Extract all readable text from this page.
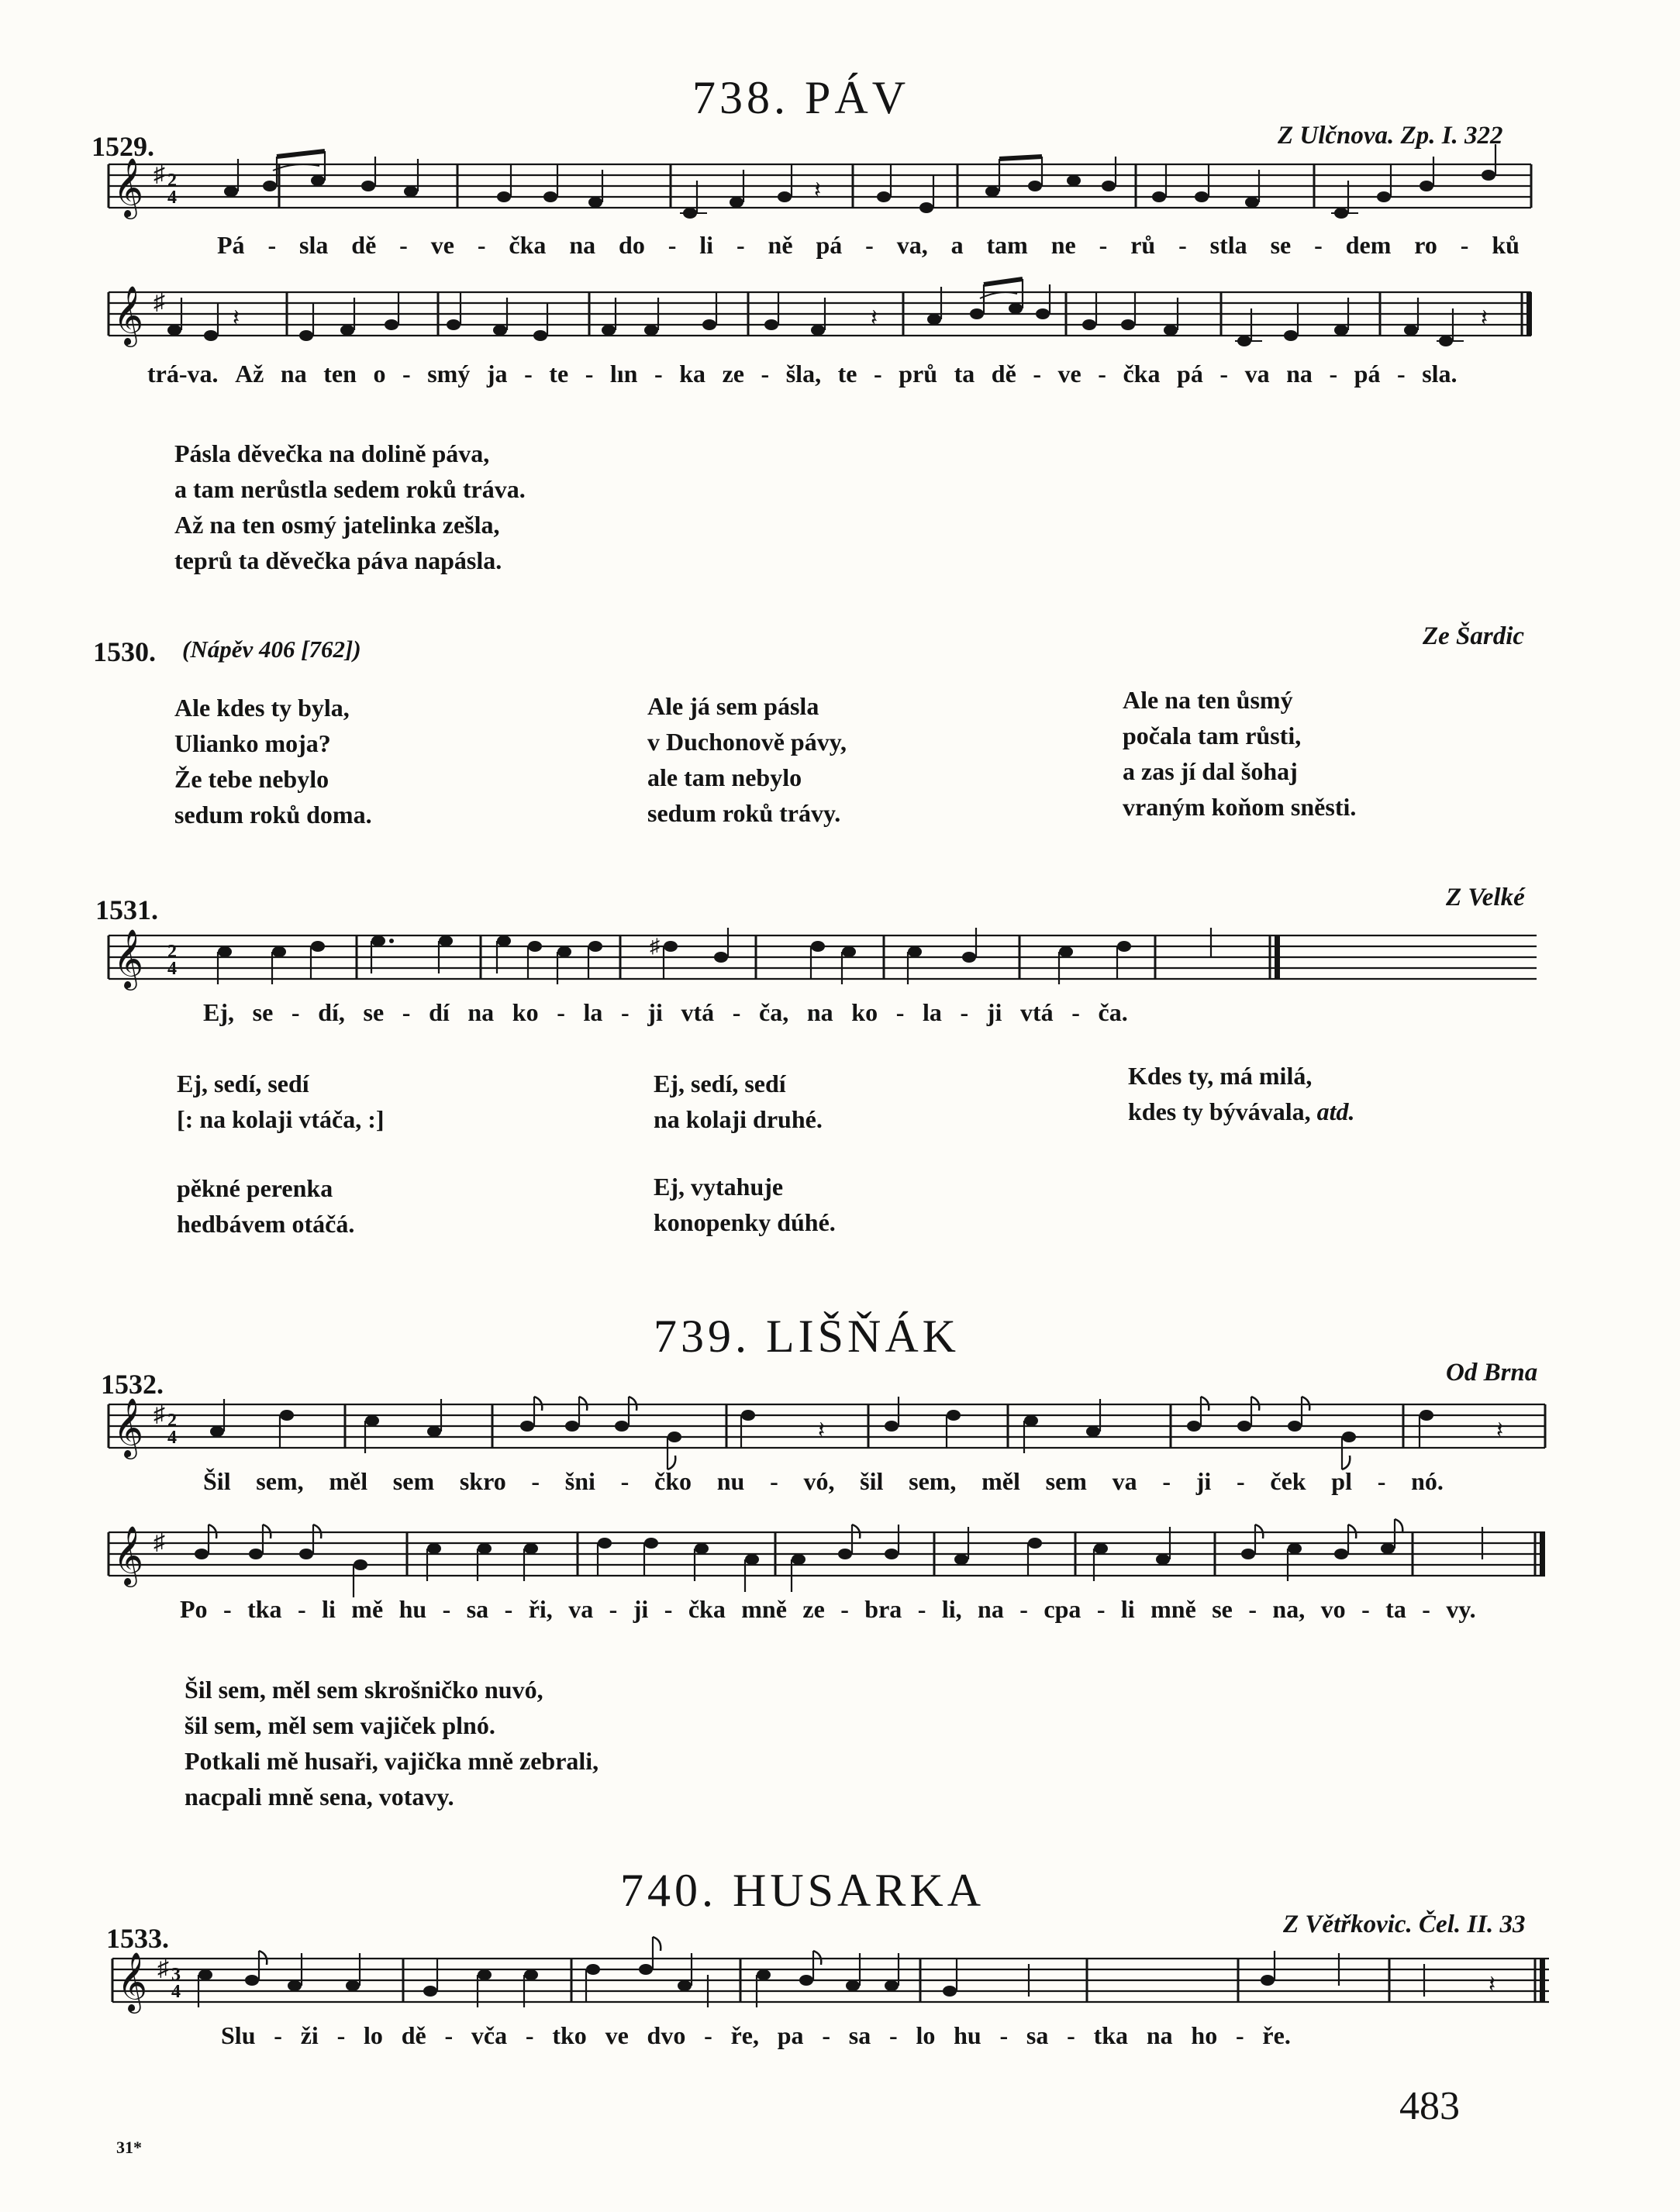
738. PÁV
1529.	Z Ulčnova. Zp. I. 322
𝄞 ♯ 2
4	𝄽
Pá - sla dě - ve - čka na do - li - ně pá - va, a tam ne - rů - stla se - dem ro - ků
𝄞 ♯
𝄽	𝄽	𝄽
trá-va. Až na ten o - smý ja - te - lın - ka ze - šla, te - prů ta dě - ve - čka pá - va na - pá - sla.
Pásla děvečka na dolině páva,
a tam nerůstla sedem roků tráva.
Až na ten osmý jatelinka zešla,
teprů ta děvečka páva napásla.
1530. (Nápěv 406 [762])	Ze Šardic
Ale kdes ty byla,
Ulianko moja?
Že tebe nebylo
sedum roků doma.
Ale já sem pásla
v Duchonově pávy,
ale tam nebylo
sedum roků trávy.
Ale na ten ůsmý
počala tam růsti,
a zas jí dal šohaj
vraným koňom sněsti.
1531.	Z Velké
𝄞 2
4
♯
Ej, se - dí, se - dí na ko - la - ji vtá - ča, na ko - la - ji vtá - ča.
Ej, sedí, sedí
[: na kolaji vtáča, :]
pěkné perenka
hedbávem otáčá.
Ej, sedí, sedí
na kolaji druhé.
Ej, vytahuje
konopenky dúhé.
Kdes ty, má milá,
kdes ty bývávala, atd.
739. LIŠŇÁK
1532.	Od Brna
𝄞 ♯ 2
4	𝄽	𝄽
Šil sem, měl sem skro - šni - čko nu - vó, šil sem, měl sem va - ji - ček pl - nó.
𝄞 ♯
Po - tka - li mě hu - sa - ři, va - ji - čka mně ze - bra - li, na - cpa - li mně se - na, vo - ta - vy.
Šil sem, měl sem skrošničko nuvó,
šil sem, měl sem vajiček plnó.
Potkali mě husaři, vajička mně zebrali,
nacpali mně sena, votavy.
740. HUSARKA
1533.	Z Větřkovic. Čel. II. 33
𝄞 ♯ 3
4	𝄽
Slu - ži - lo dě - vča - tko ve dvo - ře, pa - sa - lo hu - sa - tka na ho - ře.
483
31*
